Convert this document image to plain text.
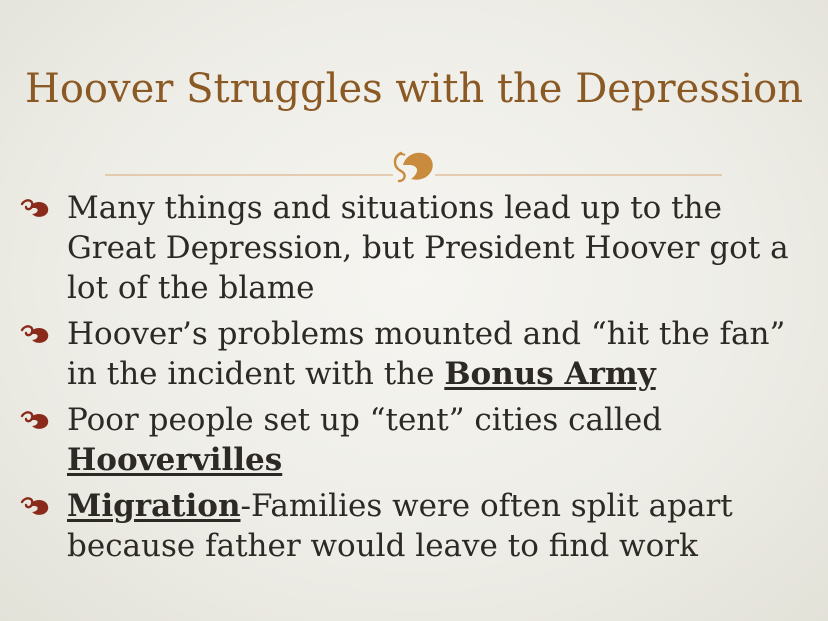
Hoover Struggles with the Depression
Many things and situations lead up to the Great Depression, but President Hoover got a lot of the blame
Hoover’s problems mounted and “hit the fan” in the incident with the Bonus Army
Poor people set up “tent” cities called
Hoovervilles
Migration-Families were often split apart because father would leave to find work
